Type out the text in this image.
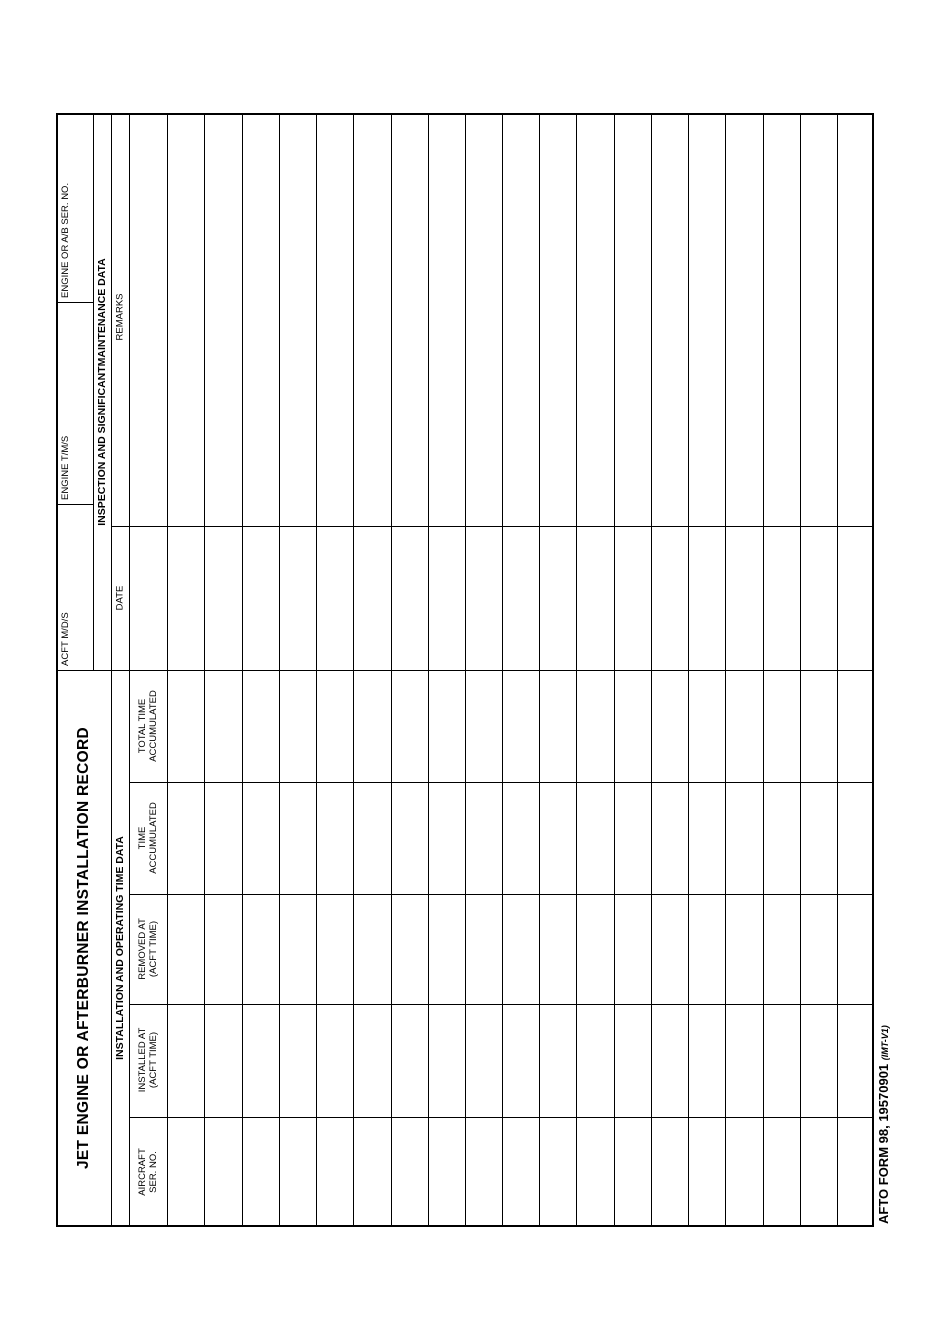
JET ENGINE OR AFTERBURNER INSTALLATION RECORD
ACFT M/D/S
ENGINE T/M/S
ENGINE OR A/B SER. NO.
INSTALLATION AND OPERATING TIME DATA
INSPECTION AND SIGNIFICANTMAINTENANCE DATA
AIRCRAFT SER. NO.
INSTALLED AT (ACFT TIME)
REMOVED AT (ACFT TIME)
TIME ACCUMULATED
TOTAL TIME ACCUMULATED
DATE
REMARKS
AFTO FORM 98, 19570901 (IMT-V1)
